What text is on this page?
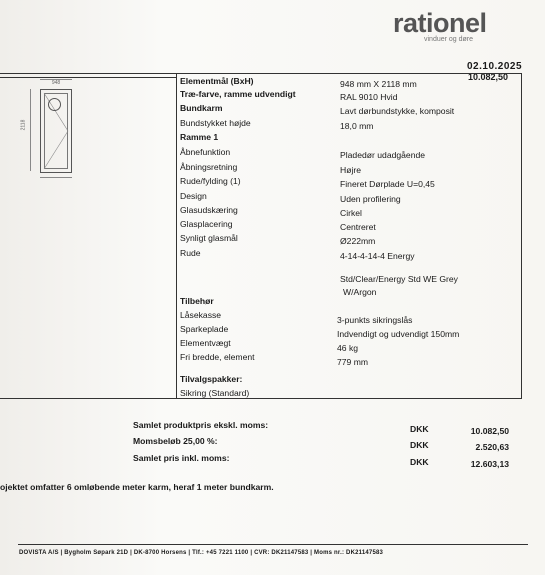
rationel
vinduer og døre
02.10.2025
10.082,50
948
2118
Elementmål (BxH)	948 mm X 2118 mm
Træ-farve, ramme udvendigt	RAL 9010 Hvid
Bundkarm	Lavt dørbundstykke, komposit
Bundstykket højde	18,0 mm
Ramme 1
Åbnefunktion	Pladedør udadgående
Åbningsretning	Højre
Rude/fylding (1)	Fineret Dørplade U=0,45
Design	Uden profilering
Glasudskæring	Cirkel
Glasplacering	Centreret
Synligt glasmål	Ø222mm
Rude	4-14-4-14-4 Energy
Std/Clear/Energy Std WE Grey
W/Argon
Tilbehør
Låsekasse	3-punkts sikringslås
Sparkeplade	Indvendigt og udvendigt 150mm
Elementvægt	46 kg
Fri bredde, element	779 mm
Tilvalgspakker:
Sikring (Standard)
Samlet produktpris ekskl. moms:	DKK	10.082,50
Momsbeløb 25,00 %:	DKK	2.520,63
Samlet pris inkl. moms:	DKK	12.603,13
ojektet omfatter 6 omløbende meter karm, heraf 1 meter bundkarm.
DOVISTA A/S | Bygholm Søpark 21D | DK-8700 Horsens | Tlf.: +45 7221 1100 | CVR: DK21147583 | Moms nr.: DK21147583
